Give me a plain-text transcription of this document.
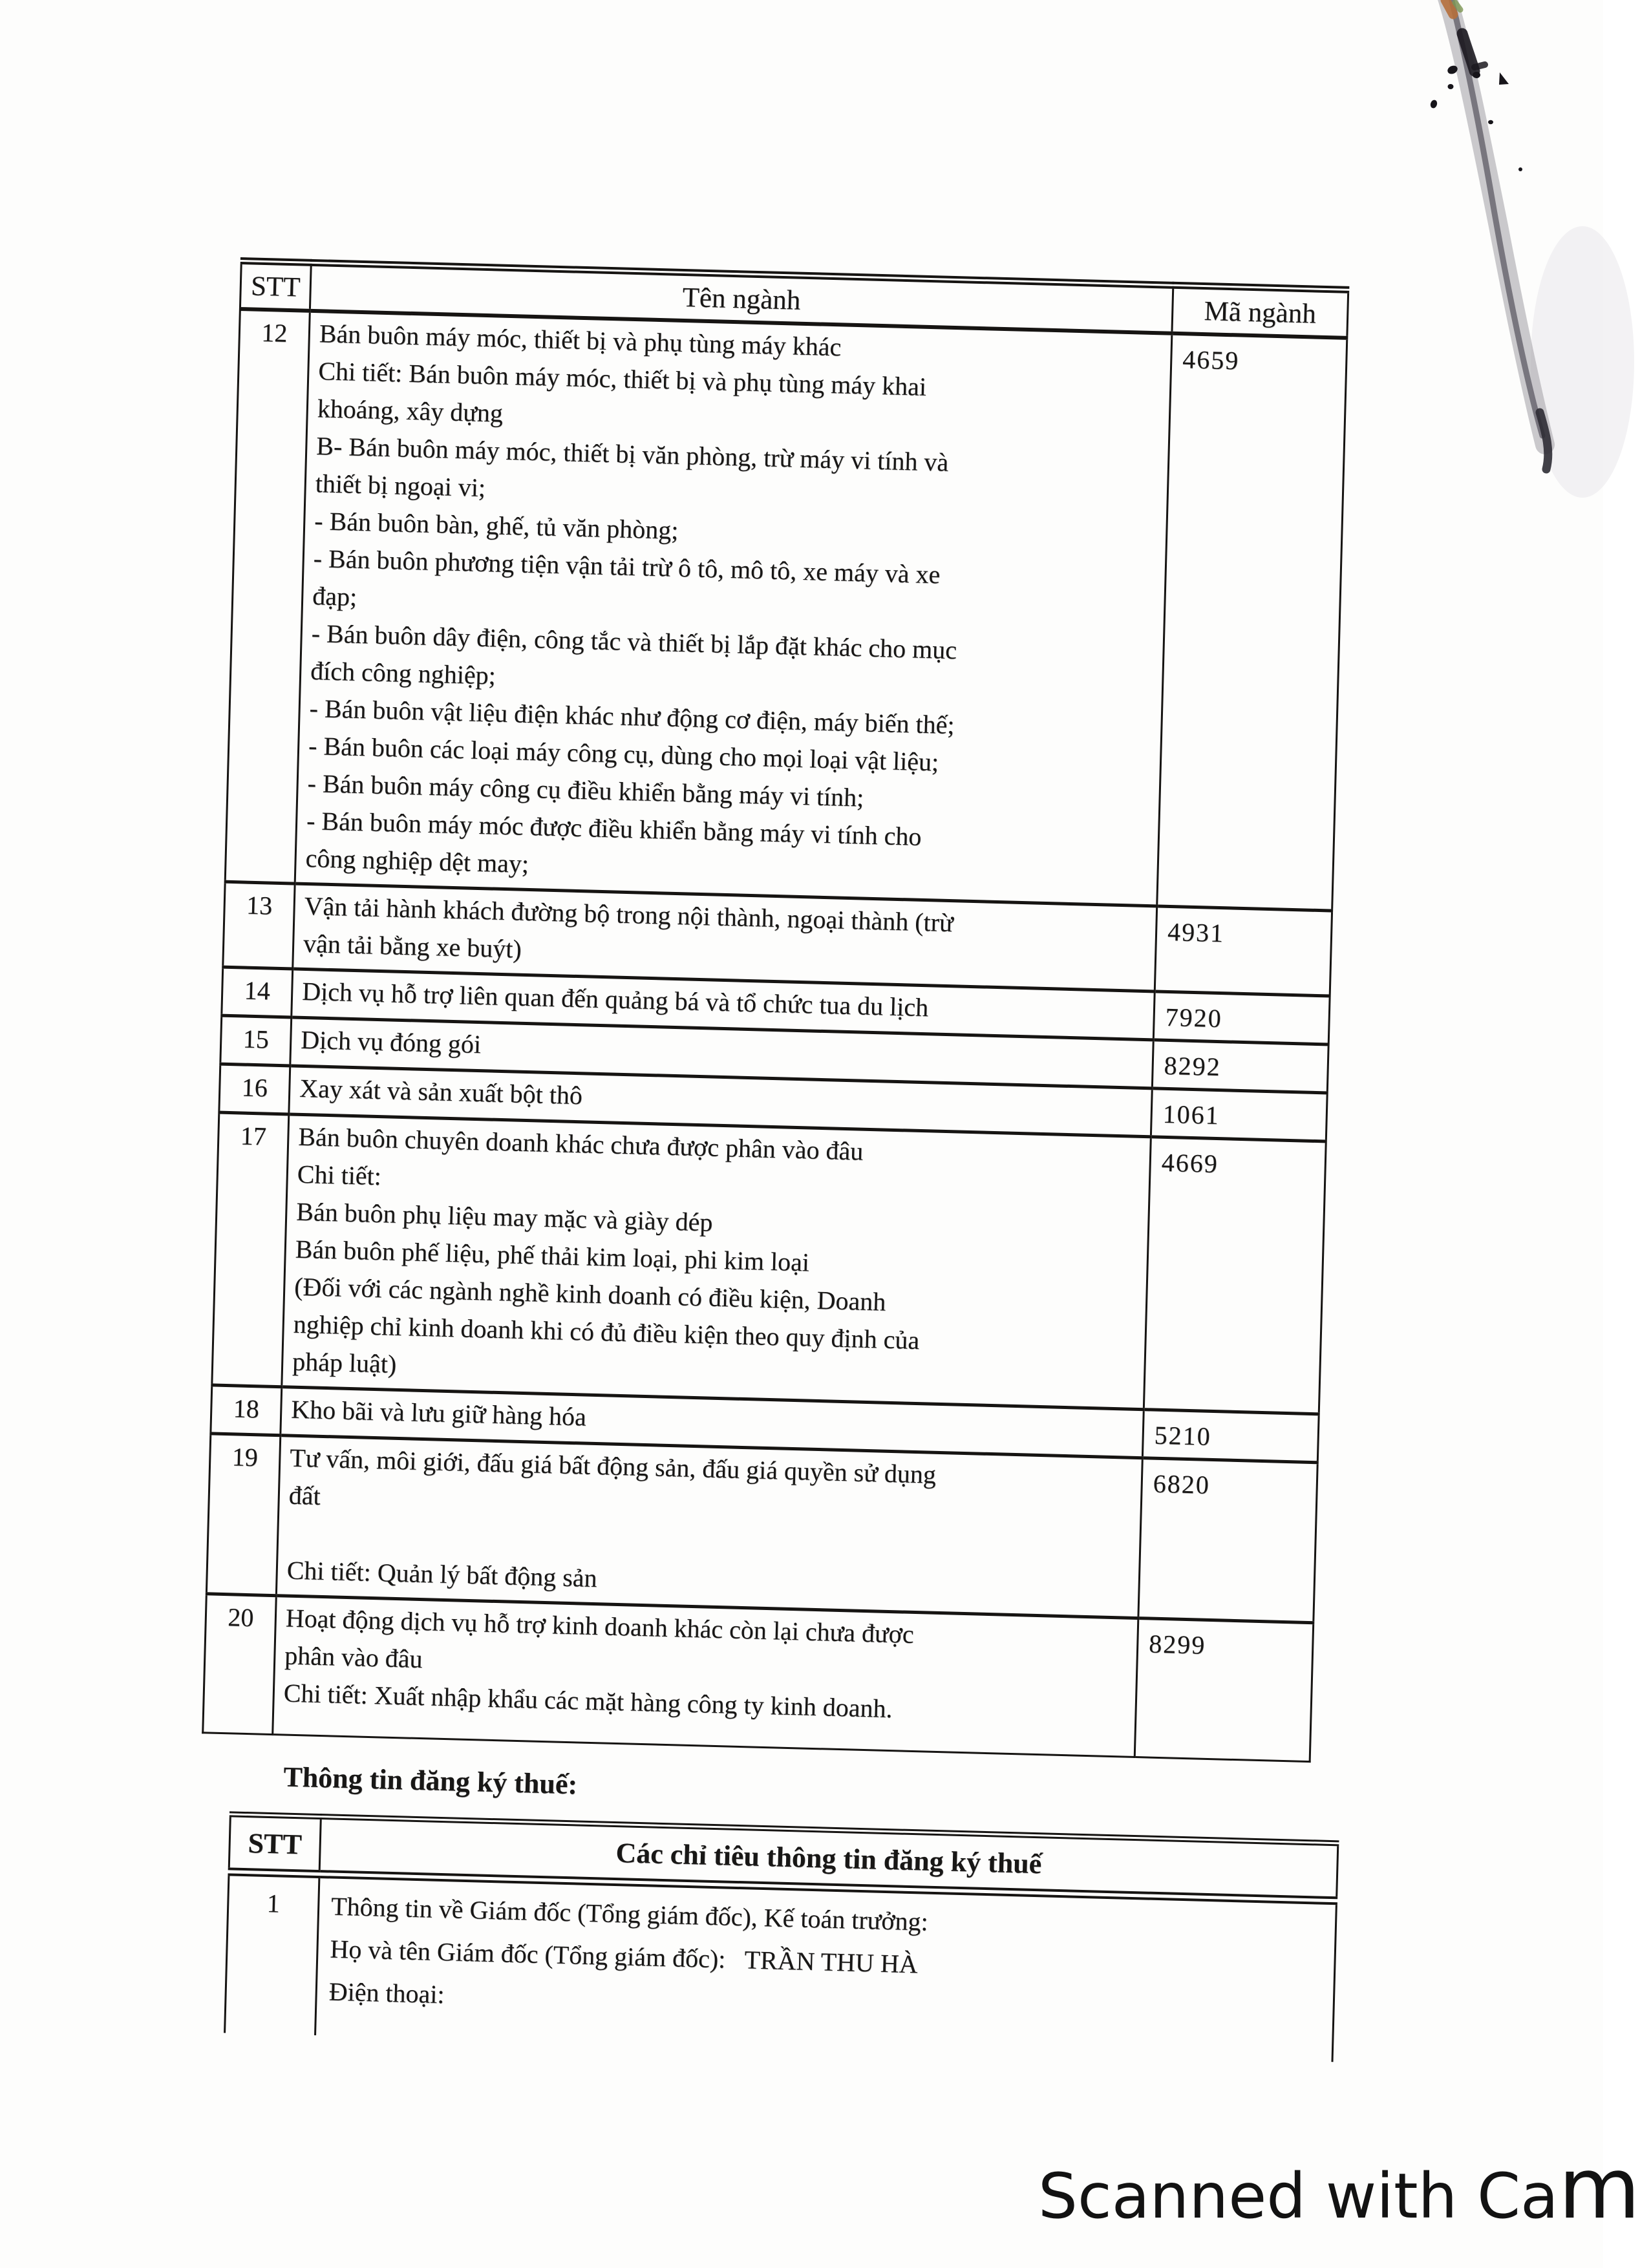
STT	Tên ngành	Mã ngành
12	Bán buôn máy móc, thiết bị và phụ tùng máy khác
Chi tiết: Bán buôn máy móc, thiết bị và phụ tùng máy khai
khoáng, xây dựng
B- Bán buôn máy móc, thiết bị văn phòng, trừ máy vi tính và
thiết bị ngoại vi;
- Bán buôn bàn, ghế, tủ văn phòng;
- Bán buôn phương tiện vận tải trừ ô tô, mô tô, xe máy và xe
đạp;
- Bán buôn dây điện, công tắc và thiết bị lắp đặt khác cho mục
đích công nghiệp;
- Bán buôn vật liệu điện khác như động cơ điện, máy biến thế;
- Bán buôn các loại máy công cụ, dùng cho mọi loại vật liệu;
- Bán buôn máy công cụ điều khiển bằng máy vi tính;
- Bán buôn máy móc được điều khiển bằng máy vi tính cho
công nghiệp dệt may;	4659
13	Vận tải hành khách đường bộ trong nội thành, ngoại thành (trừ
vận tải bằng xe buýt)	4931
14	Dịch vụ hỗ trợ liên quan đến quảng bá và tổ chức tua du lịch	7920
15	Dịch vụ đóng gói	8292
16	Xay xát và sản xuất bột thô	1061
17	Bán buôn chuyên doanh khác chưa được phân vào đâu
Chi tiết:
Bán buôn phụ liệu may mặc và giày dép
Bán buôn phế liệu, phế thải kim loại, phi kim loại
(Đối với các ngành nghề kinh doanh có điều kiện, Doanh
nghiệp chỉ kinh doanh khi có đủ điều kiện theo quy định của
pháp luật)	4669
18	Kho bãi và lưu giữ hàng hóa	5210
19	Tư vấn, môi giới, đấu giá bất động sản, đấu giá quyền sử dụng
đất

Chi tiết: Quản lý bất động sản	6820
20	Hoạt động dịch vụ hỗ trợ kinh doanh khác còn lại chưa được
phân vào đâu
Chi tiết: Xuất nhập khẩu các mặt hàng công ty kinh doanh.	8299
Thông tin đăng ký thuế:
STT	Các chỉ tiêu thông tin đăng ký thuế
1	Thông tin về Giám đốc (Tổng giám đốc), Kế toán trưởng:
Họ và tên Giám đốc (Tổng giám đốc):   TRẦN THU HÀ
Điện thoại:
Scanned with Cam
